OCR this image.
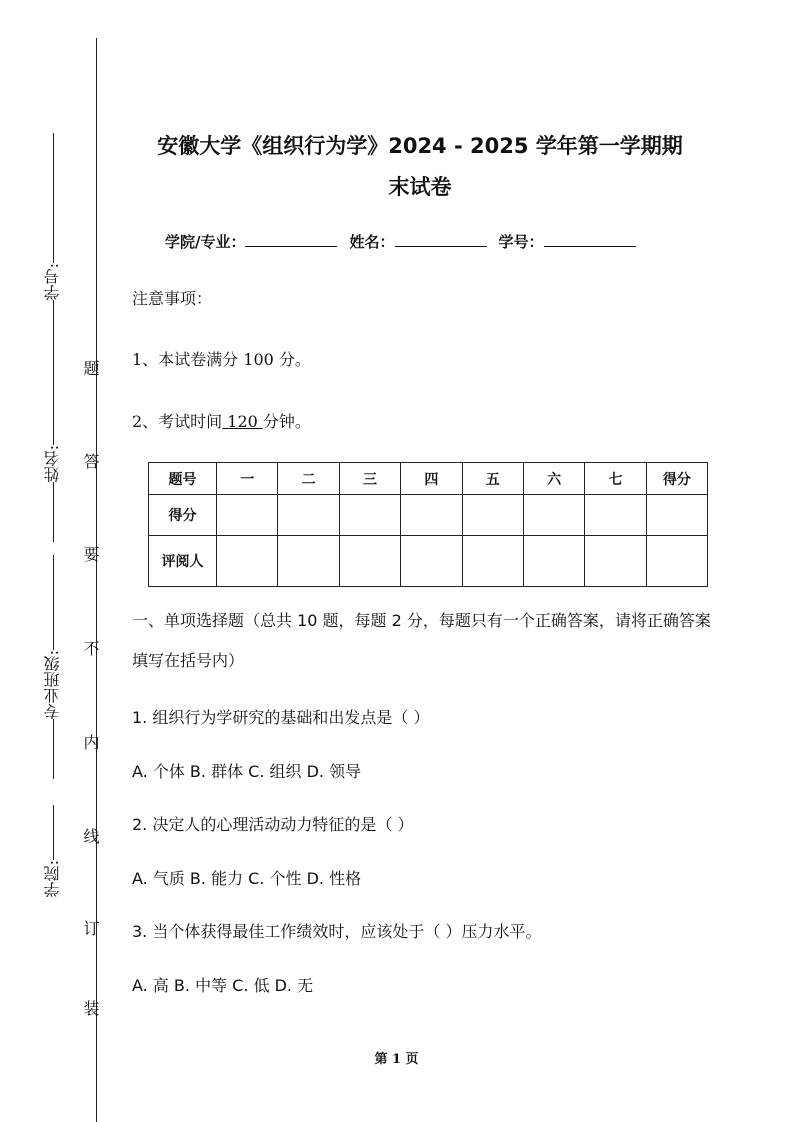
学号:
姓名:
专业班级:
学院:
题
答
要
不
内
线
订
装
安徽大学《组织行为学》2024 - 2025 学年第一学期期
末试卷
学院/专业：	姓名：	学号：
注意事项：
1、本试卷满分 100 分。
2、考试时间 120 分钟。
题号	一	二	三	四	五	六	七	得分
得分								
评阅人								
一、单项选择题（总共 10 题，每题 2 分，每题只有一个正确答案，请将正确答案填写在括号内）
1. 组织行为学研究的基础和出发点是（ ）
A. 个体 B. 群体 C. 组织 D. 领导
2. 决定人的心理活动动力特征的是（ ）
A. 气质 B. 能力 C. 个性 D. 性格
3. 当个体获得最佳工作绩效时，应该处于（ ）压力水平。
A. 高 B. 中等 C. 低 D. 无
第 1 页
